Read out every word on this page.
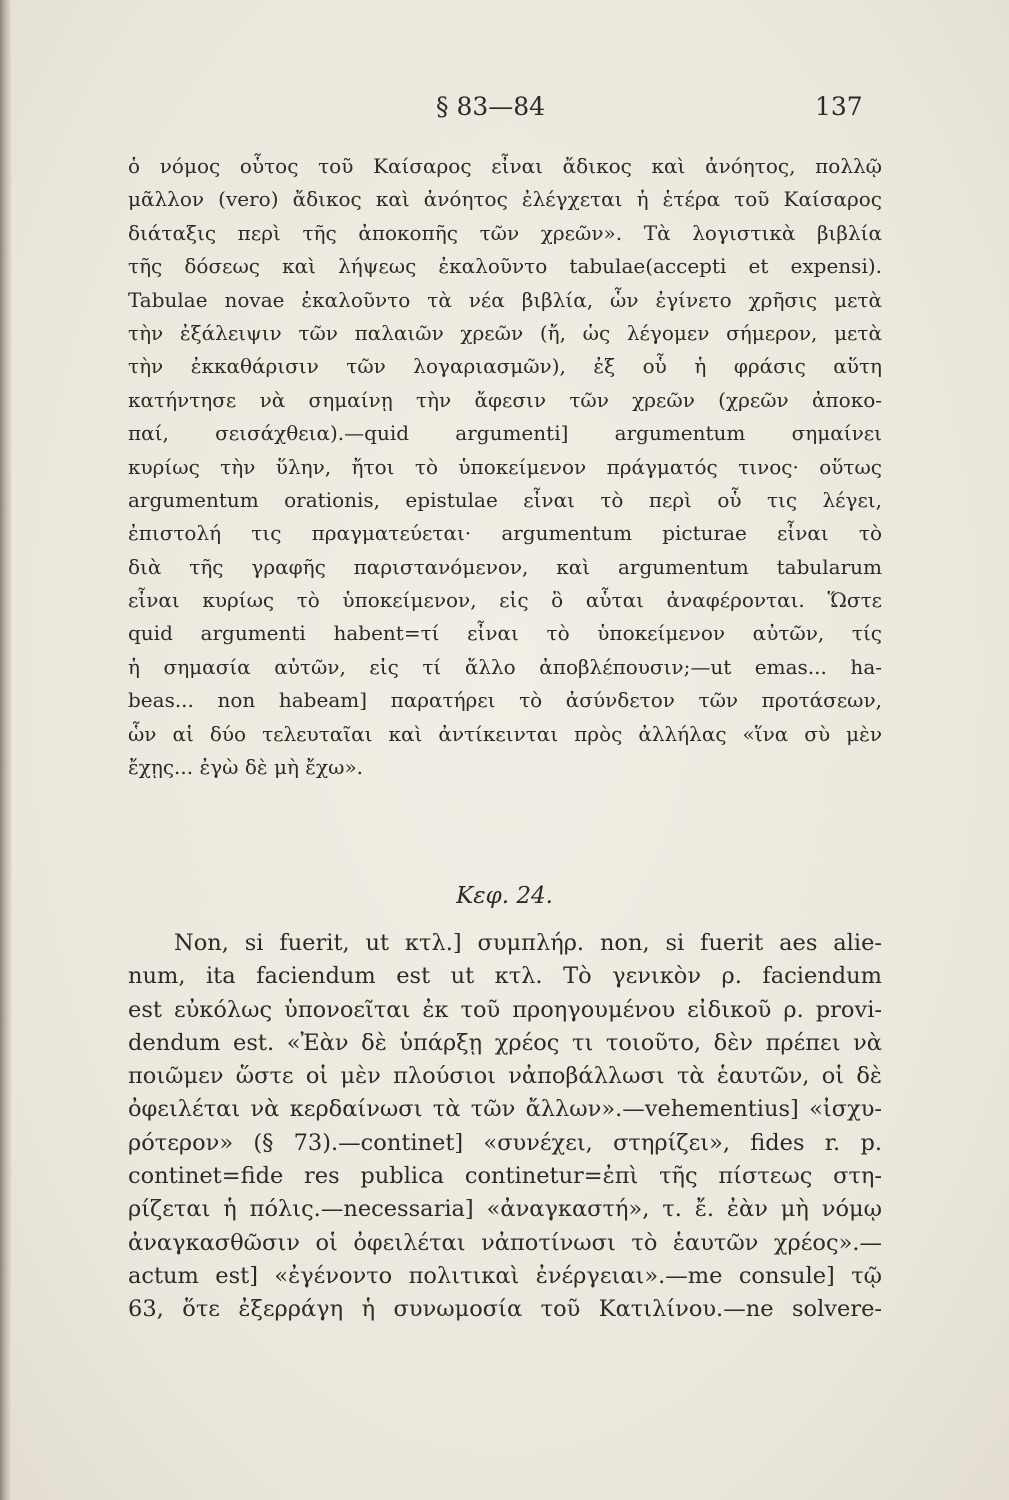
§ 83—84	137
ὁ νόμος οὗτος τοῦ Καίσαρος εἶναι ἄδικος καὶ ἀνόητος, πολλῷ
μᾶλλον (vero) ἄδικος καὶ ἀνόητος ἐλέγχεται ἡ ἑτέρα τοῦ Καίσαρος
διάταξις περὶ τῆς ἀποκοπῆς τῶν χρεῶν». Τὰ λογιστικὰ βιβλία
τῆς δόσεως καὶ λήψεως ἐκαλοῦντο tabulae(accepti et expensi).
Tabulae novae ἐκαλοῦντο τὰ νέα βιβλία, ὧν ἐγίνετο χρῆσις μετὰ
τὴν ἐξάλειψιν τῶν παλαιῶν χρεῶν (ἤ, ὡς λέγομεν σήμερον, μετὰ
τὴν ἐκκαθάρισιν τῶν λογαριασμῶν), ἐξ οὗ ἡ φράσις αὕτη
κατήντησε νὰ σημαίνῃ τὴν ἄφεσιν τῶν χρεῶν (χρεῶν ἀποκο-
παί, σεισάχθεια).—quid argumenti] argumentum σημαίνει
κυρίως τὴν ὕλην, ἤτοι τὸ ὑποκείμενον πράγματός τινος· οὕτως
argumentum orationis, epistulae εἶναι τὸ περὶ οὗ τις λέγει,
ἐπιστολή τις πραγματεύεται· argumentum picturae εἶναι τὸ
διὰ τῆς γραφῆς παριστανόμενον, καὶ argumentum tabularum
εἶναι κυρίως τὸ ὑποκείμενον, εἰς ὃ αὗται ἀναφέρονται. Ὥστε
quid argumenti habent=τί εἶναι τὸ ὑποκείμενον αὐτῶν, τίς
ἡ σημασία αὐτῶν, εἰς τί ἄλλο ἀποβλέπουσιν;—ut emas... ha-
beas... non habeam] παρατήρει τὸ ἀσύνδετον τῶν προτάσεων,
ὧν αἱ δύο τελευταῖαι καὶ ἀντίκεινται πρὸς ἀλλήλας «ἵνα σὺ μὲν
ἔχῃς... ἐγὼ δὲ μὴ ἔχω».
Κεφ. 24.
Non, si fuerit, ut κτλ.] συμπλήρ. non, si fuerit aes alie-
num, ita faciendum est ut κτλ. Τὸ γενικὸν ρ. faciendum
est εὐκόλως ὑπονοεῖται ἐκ τοῦ προηγουμένου εἰδικοῦ ρ. provi-
dendum est. «Ἐὰν δὲ ὑπάρξῃ χρέος τι τοιοῦτο, δὲν πρέπει νὰ
ποιῶμεν ὥστε οἱ μὲν πλούσιοι νἀποβάλλωσι τὰ ἑαυτῶν, οἱ δὲ
ὀφειλέται νὰ κερδαίνωσι τὰ τῶν ἄλλων».—vehementius] «ἰσχυ-
ρότερον» (§ 73).—continet] «συνέχει, στηρίζει», fides r. p.
continet=fide res publica continetur=ἐπὶ τῆς πίστεως στη-
ρίζεται ἡ πόλις.—necessaria] «ἀναγκαστή», τ. ἔ. ἐὰν μὴ νόμῳ
ἀναγκασθῶσιν οἱ ὀφειλέται νἀποτίνωσι τὸ ἑαυτῶν χρέος».—
actum est] «ἐγένοντο πολιτικαὶ ἐνέργειαι».—me consule] τῷ
63, ὅτε ἐξερράγη ἡ συνωμοσία τοῦ Κατιλίνου.—ne solvere-
